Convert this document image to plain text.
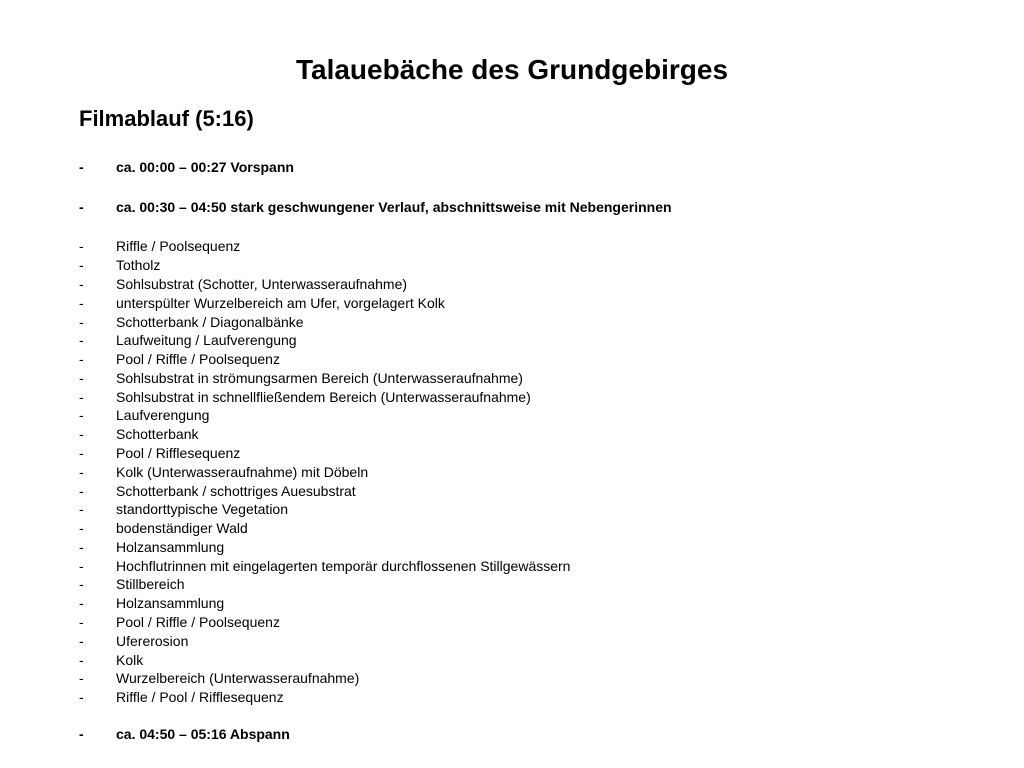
Talauebäche des Grundgebirges
Filmablauf (5:16)
-	ca. 00:00 – 00:27 Vorspann
-	ca. 00:30 – 04:50 stark geschwungener Verlauf, abschnittsweise mit Nebengerinnen
-	Riffle / Poolsequenz
-	Totholz
-	Sohlsubstrat (Schotter, Unterwasseraufnahme)
-	unterspülter Wurzelbereich am Ufer, vorgelagert Kolk
-	Schotterbank / Diagonalbänke
-	Laufweitung / Laufverengung
-	Pool / Riffle / Poolsequenz
-	Sohlsubstrat in strömungsarmen Bereich (Unterwasseraufnahme)
-	Sohlsubstrat in schnellfließendem Bereich (Unterwasseraufnahme)
-	Laufverengung
-	Schotterbank
-	Pool / Rifflesequenz
-	Kolk (Unterwasseraufnahme) mit Döbeln
-	Schotterbank / schottriges Auesubstrat
-	standorttypische Vegetation
-	bodenständiger Wald
-	Holzansammlung
-	Hochflutrinnen mit eingelagerten temporär durchflossenen Stillgewässern
-	Stillbereich
-	Holzansammlung
-	Pool / Riffle / Poolsequenz
-	Ufererosion
-	Kolk
-	Wurzelbereich (Unterwasseraufnahme)
-	Riffle / Pool / Rifflesequenz
-	ca. 04:50 – 05:16 Abspann
